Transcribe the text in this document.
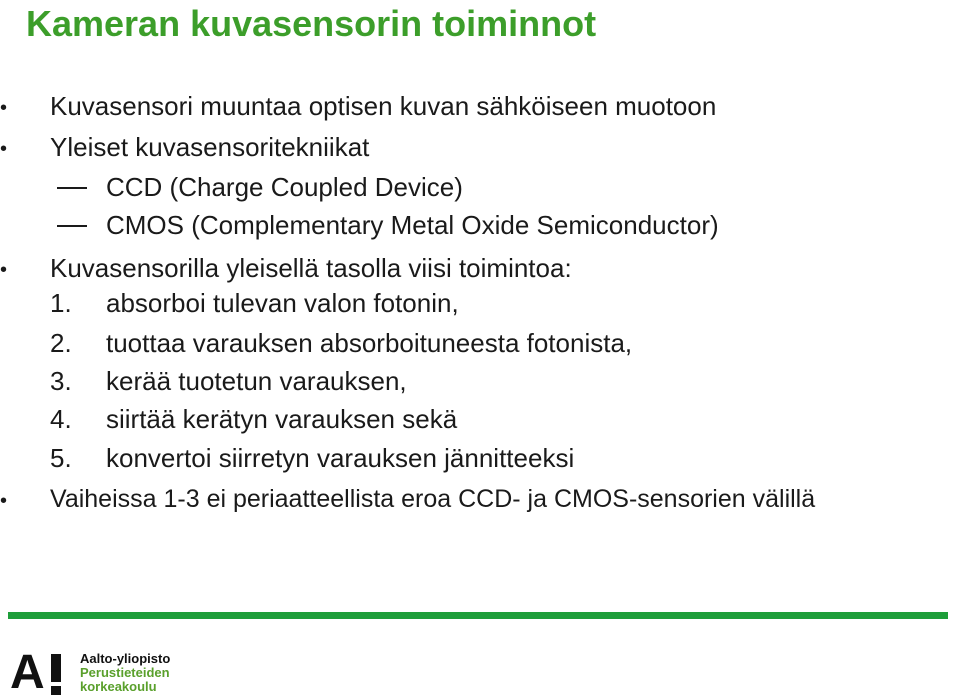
Kameran kuvasensorin toiminnot
• Kuvasensori muuntaa optisen kuvan sähköiseen muotoon
• Yleiset kuvasensoritekniikat
CCD (Charge Coupled Device)
CMOS (Complementary Metal Oxide Semiconductor)
• Kuvasensorilla yleisellä tasolla viisi toimintoa:
1. absorboi tulevan valon fotonin,
2. tuottaa varauksen absorboituneesta fotonista,
3. kerää tuotetun varauksen,
4. siirtää kerätyn varauksen sekä
5. konvertoi siirretyn varauksen jännitteeksi
• Vaiheissa 1-3 ei periaatteellista eroa CCD- ja CMOS-sensorien välillä
A	Aalto-yliopisto
Perustieteiden
korkeakoulu
